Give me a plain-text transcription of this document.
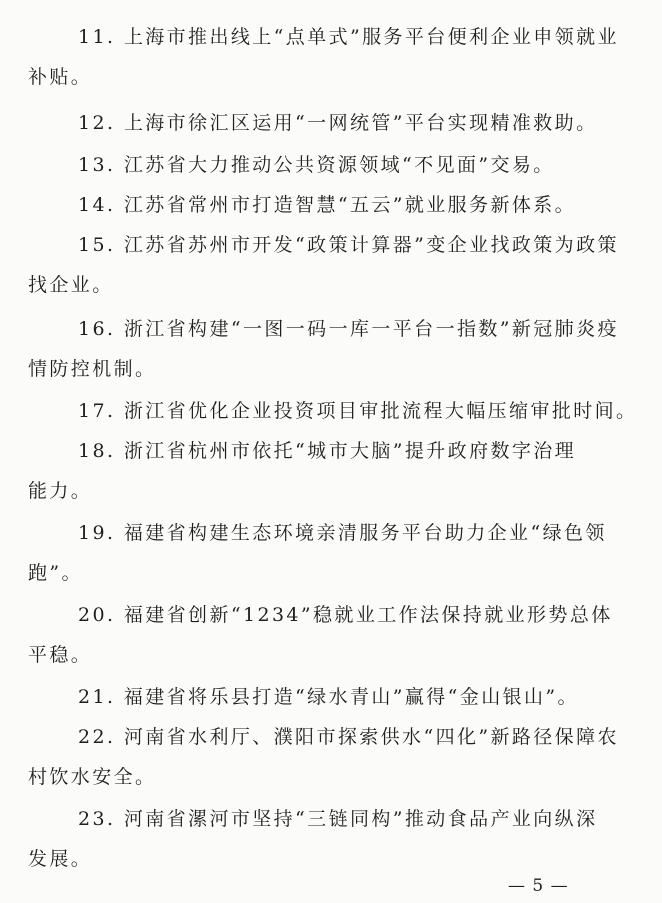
11. 上海市推出线上“点单式”服务平台便利企业申领就业
补贴。
12. 上海市徐汇区运用“一网统管”平台实现精准救助。
13. 江苏省大力推动公共资源领域“不见面”交易。
14. 江苏省常州市打造智慧“五云”就业服务新体系。
15. 江苏省苏州市开发“政策计算器”变企业找政策为政策
找企业。
16. 浙江省构建“一图一码一库一平台一指数”新冠肺炎疫
情防控机制。
17. 浙江省优化企业投资项目审批流程大幅压缩审批时间。
18. 浙江省杭州市依托“城市大脑”提升政府数字治理
能力。
19. 福建省构建生态环境亲清服务平台助力企业“绿色领
跑”。
20. 福建省创新“1234”稳就业工作法保持就业形势总体
平稳。
21. 福建省将乐县打造“绿水青山”赢得“金山银山”。
22. 河南省水利厅、濮阳市探索供水“四化”新路径保障农
村饮水安全。
23. 河南省漯河市坚持“三链同构”推动食品产业向纵深
发展。
— 5 —
